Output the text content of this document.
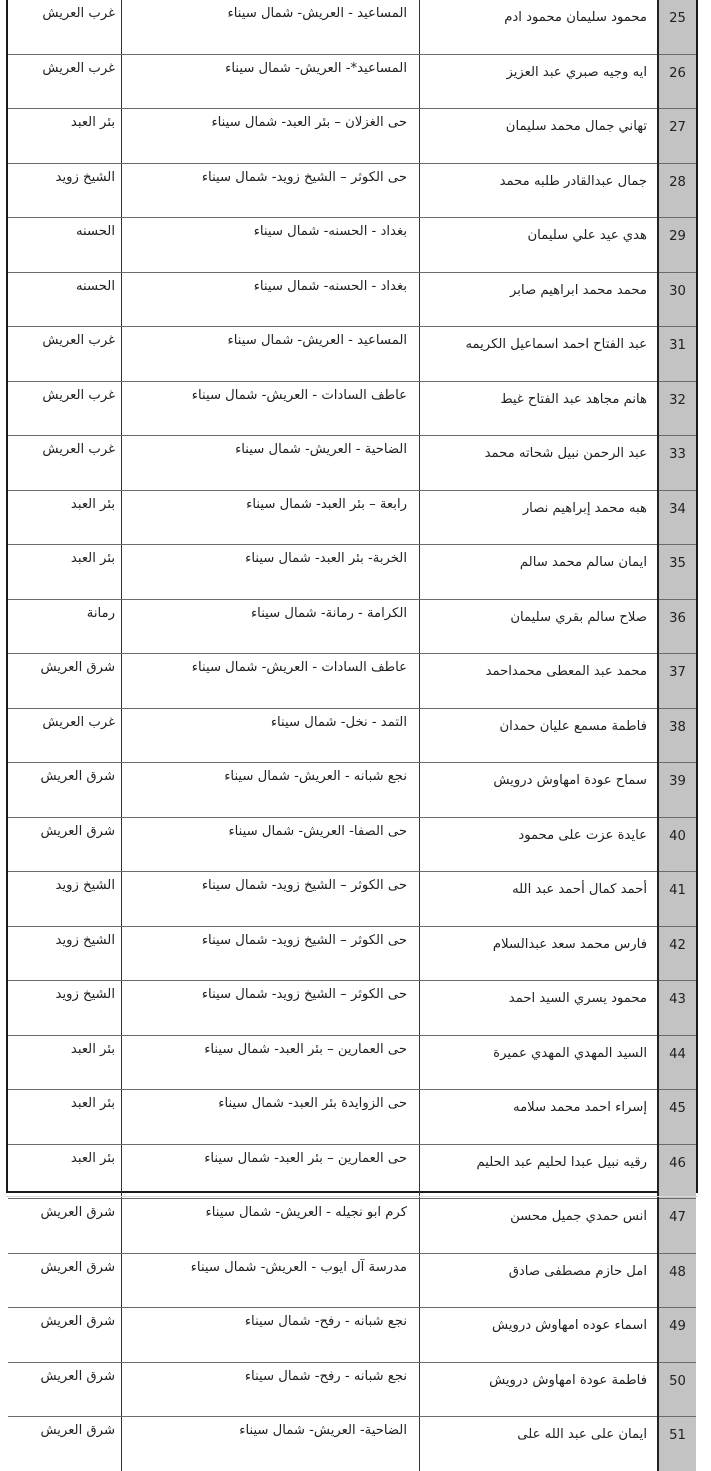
25	محمود سليمان محمود ادم	المساعيد - العريش- شمال سيناء	غرب العريش
26	ايه وجيه صبري عبد العزيز	المساعيد*- العريش- شمال سيناء	غرب العريش
27	تهاني جمال محمد سليمان	حى الغزلان – بئر العبد- شمال سيناء	بئر العبد
28	جمال عبدالقادر طلبه محمد	حى الكوثر – الشيخ زويد- شمال سيناء	الشيخ زويد
29	هدي عيد علي سليمان	بغداد - الحسنه- شمال سيناء	الحسنه
30	محمد محمد ابراهيم صابر	بغداد - الحسنه- شمال سيناء	الحسنه
31	عبد الفتاح احمد اسماعيل الكريمه	المساعيد - العريش- شمال سيناء	غرب العريش
32	هانم مجاهد عبد الفتاح غيط	عاطف السادات - العريش- شمال سيناء	غرب العريش
33	عبد الرحمن نبيل شحاته محمد	الضاحية - العريش- شمال سيناء	غرب العريش
34	هبه محمد إبراهيم نصار	رابعة – بئر العبد- شمال سيناء	بئر العبد
35	ايمان سالم محمد سالم	الخربة- بئر العبد- شمال سيناء	بئر العبد
36	صلاح سالم بقري سليمان	الكرامة - رمانة- شمال سيناء	رمانة
37	محمد عبد المعطى محمداحمد	عاطف السادات - العريش- شمال سيناء	شرق العريش
38	فاطمة مسمع عليان حمدان	التمد - نخل- شمال سيناء	غرب العريش
39	سماح عودة امهاوش درويش	نجع شبانه - العريش- شمال سيناء	شرق العريش
40	عايدة عزت على محمود	حى الصفا- العريش- شمال سيناء	شرق العريش
41	أحمد كمال أحمد عبد الله	حى الكوثر – الشيخ زويد- شمال سيناء	الشيخ زويد
42	فارس محمد سعد عبدالسلام	حى الكوثر – الشيخ زويد- شمال سيناء	الشيخ زويد
43	محمود يسري السيد احمد	حى الكوثر – الشيخ زويد- شمال سيناء	الشيخ زويد
44	السيد المهدي المهدي عميرة	حى العمارين – بئر العبد- شمال سيناء	بئر العبد
45	إسراء احمد محمد سلامه	حى الزوايدة بئر العبد- شمال سيناء	بئر العبد
46	رقيه نبيل عبدا لحليم عبد الحليم	حى العمارين – بئر العبد- شمال سيناء	بئر العبد
47	انس حمدي جميل محسن	كرم ابو نجيله - العريش- شمال سيناء	شرق العريش
48	امل حازم مصطفى صادق	مدرسة آل ايوب - العريش- شمال سيناء	شرق العريش
49	اسماء عوده امهاوش درويش	نجع شبانه - رفح- شمال سيناء	شرق العريش
50	فاطمة عودة امهاوش درويش	نجع شبانه - رفح- شمال سيناء	شرق العريش
51	ايمان على عبد الله على	الضاحية- العريش- شمال سيناء	شرق العريش
